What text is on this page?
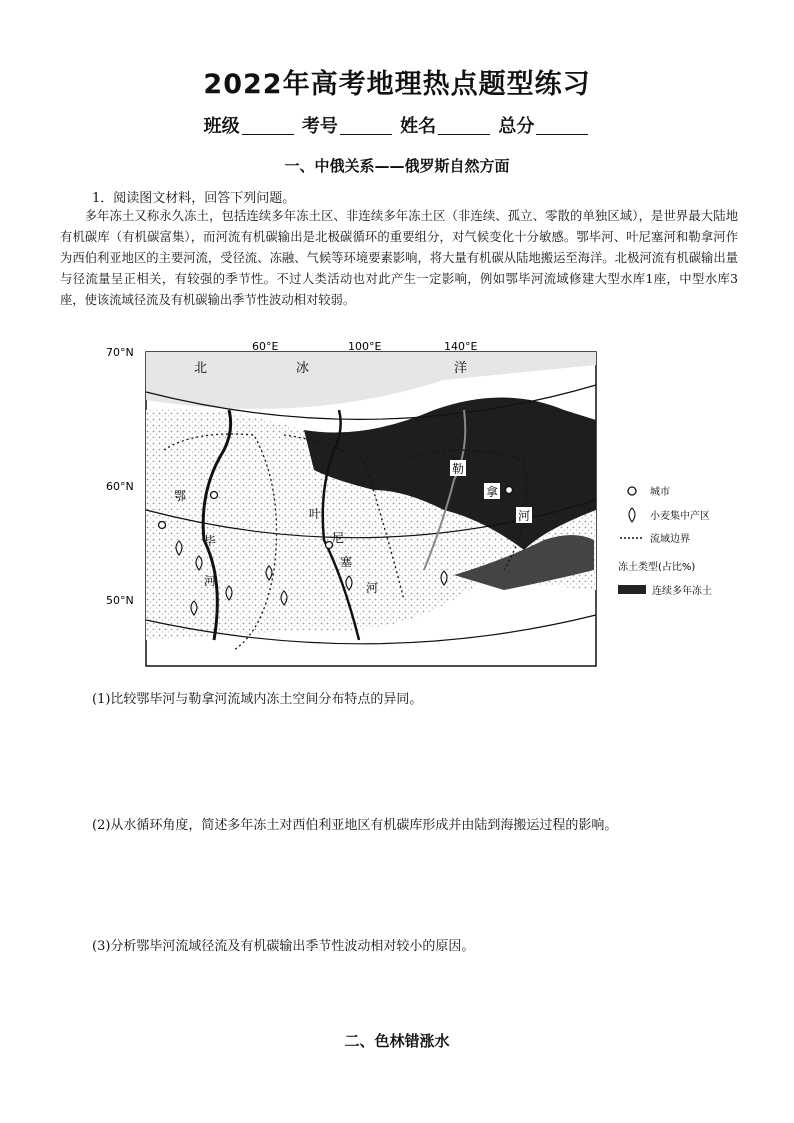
2022年高考地理热点题型练习
班级	考号	姓名	总分
一、中俄关系——俄罗斯自然方面
1．阅读图文材料，回答下列问题。
多年冻土又称永久冻土，包括连续多年冻土区、非连续多年冻土区（非连续、孤立、零散的单独区域），是世界最大陆地有机碳库（有机碳富集），而河流有机碳输出是北极碳循环的重要组分，对气候变化十分敏感。鄂毕河、叶尼塞河和勒拿河作为西伯利亚地区的主要河流，受径流、冻融、气候等环境要素影响，将大量有机碳从陆地搬运至海洋。北极河流有机碳输出量与径流量呈正相关，有较强的季节性。不过人类活动也对此产生一定影响，例如鄂毕河流域修建大型水库1座，中型水库3座，使该流域径流及有机碳输出季节性波动相对较弱。
70°N
60°N
50°N
60°E	100°E	140°E
北	冰	洋
鄂
毕
河
叶
尼
塞
河
勒
拿
河
城市
小麦集中产区
流域边界
冻土类型(占比%)
连续多年冻土
(1)比较鄂毕河与勒拿河流域内冻土空间分布特点的异同。
(2)从水循环角度，简述多年冻土对西伯利亚地区有机碳库形成并由陆到海搬运过程的影响。
(3)分析鄂毕河流域径流及有机碳输出季节性波动相对较小的原因。
二、色林错涨水
